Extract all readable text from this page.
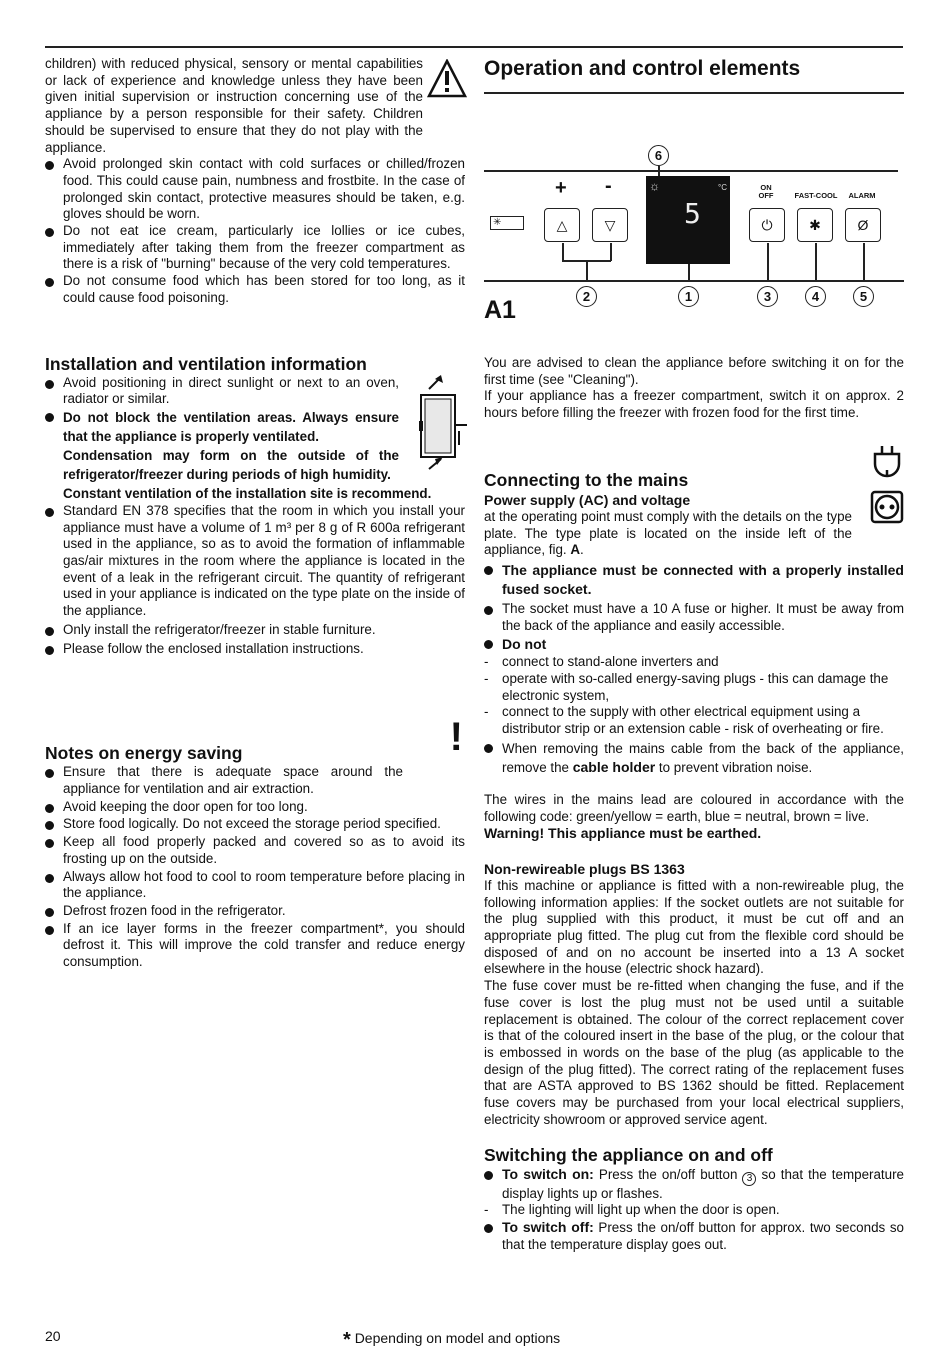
children) with reduced physical, sensory or mental capabilities or lack of experience and knowledge unless they have been given initial supervision or instruction concerning use of the appliance by a person responsible for their safety. Children should be supervised to ensure that they do not play with the appliance.

Avoid prolonged skin contact with cold surfaces or chilled/frozen food. This could cause pain, numbness and frostbite. In the case of prolonged skin contact, protective measures should be taken, e.g. gloves should be worn.
Do not eat ice cream, particularly ice lollies or ice cubes, immediately after taking them from the freezer compartment as there is a risk of "burning" because of the very cold temperatures.
Do not consume food which has been stored for too long, as it could cause food poisoning.
Installation and ventilation information
Avoid positioning in direct sunlight or next to an oven, radiator or similar.
Do not block the ventilation areas. Always ensure that the appliance is properly ventilated.
Condensation may form on the outside of the refrigerator/freezer during periods of high humidity.
Constant ventilation of the installation site is recommend.
Standard EN 378 specifies that the room in which you install your appliance must have a volume of 1 m³ per 8 g of R 600a refrigerant used in the appliance, so as to avoid the formation of inflammable gas/air mixtures in the room where the appliance is located in the event of a leak in the refrigerant circuit. The quantity of refrigerant used in your appliance is indicated on the type plate on the inside of the appliance.
Only install the refrigerator/freezer in stable furniture.
Please follow the enclosed installation instructions.
!
Notes on energy saving
Ensure that there is adequate space around the appliance for ventilation and air extraction.
Avoid keeping the door open for too long.
Store food logically. Do not exceed the storage period specified.
Keep all food properly packed and covered so as to avoid its frosting up on the outside.
Always allow hot food to cool to room temperature before placing in the appliance.
Defrost frozen food in the refrigerator.
If an ice layer forms in the freezer compartment*, you should defrost it. This will improve the cold transfer and reduce energy consumption.
Operation and control elements
6
✳
+ -
△	▽
☼	°C
5
ON
OFF	FAST-COOL	ALARM
⏻	✱	Ø
2	1	3	4	5
A1

You are advised to clean the appliance before switching it on for the first time (see "Cleaning").

If your appliance has a freezer compartment, switch it on approx. 2 hours before filling the freezer with frozen food for the first time.

Connecting to the mains
Power supply (AC) and voltage

at the operating point must comply with the details on the type plate. The type plate is located on the inside left of the appliance, fig. A.

The appliance must be connected with a properly installed fused socket.
The socket must have a 10 A fuse or higher. It must be away from the back of the appliance and easily accessible.
Do not
- connect to stand-alone inverters and
- operate with so-called energy-saving plugs - this can damage the electronic system,
- connect to the supply with other electrical equipment using a distributor strip or an extension cable - risk of overheating or fire.
When removing the mains cable from the back of the appliance, remove the cable holder to prevent vibration noise.

The wires in the mains lead are coloured in accordance with the following code: green/yellow = earth, blue = neutral, brown = live.

Warning! This appliance must be earthed.

Non-rewireable plugs BS 1363

If this machine or appliance is fitted with a non-rewireable plug, the following information applies: If the socket outlets are not suitable for the plug supplied with this product, it must be cut off and an appropriate plug fitted. The plug cut from the flexible cord should be disposed of and on no account be inserted into a 13 A socket elsewhere in the house (electric shock hazard).

The fuse cover must be re-fitted when changing the fuse, and if the fuse cover is lost the plug must not be used until a suitable replacement is obtained. The colour of the correct replacement cover is that of the coloured insert in the base of the plug, or the colour that is embossed in words on the base of the plug (as applicable to the design of the plug fitted). The correct rating of the replacement fuses that are ASTA approved to BS 1362 should be fitted. Replacement fuse covers may be purchased from your local electrical suppliers, electricity showroom or approved service agent.

Switching the appliance on and off
To switch on: Press the on/off button 3 so that the temperature display lights up or flashes.
- The lighting will light up when the door is open.
To switch off: Press the on/off button for approx. two seconds so that the temperature display goes out.
20	* Depending on model and options
